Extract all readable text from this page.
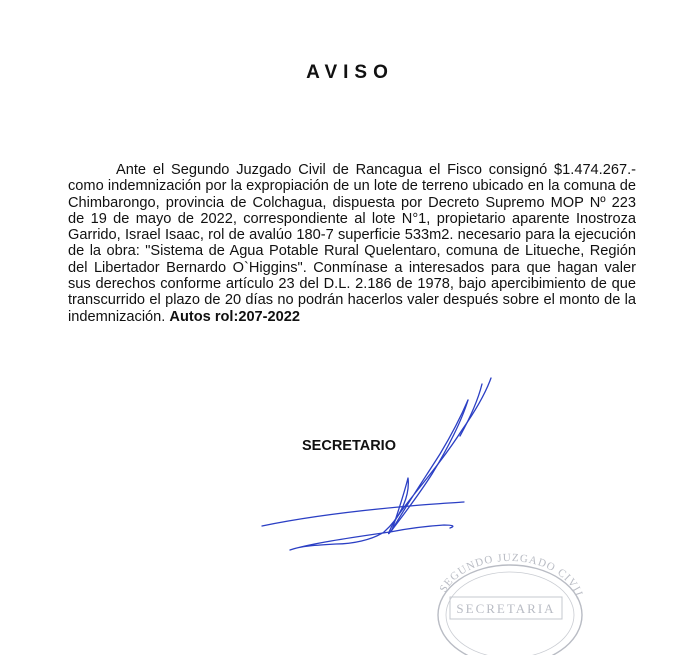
AVISO
Ante el Segundo Juzgado Civil de Rancagua el Fisco consignó $1.474.267.- como indemnización por la expropiación de un lote de terreno ubicado en la comuna de Chimbarongo, provincia de Colchagua, dispuesta por Decreto Supremo MOP Nº 223 de 19 de mayo de 2022, correspondiente al lote N°1, propietario aparente Inostroza Garrido, Israel Isaac, rol de avalúo 180-7 superficie 533m2. necesario para la ejecución de la obra: "Sistema de Agua Potable Rural Quelentaro, comuna de Litueche, Región del Libertador Bernardo O`Higgins". Conmínase a interesados para que hagan valer sus derechos conforme artículo 23 del D.L. 2.186 de 1978, bajo apercibimiento de que transcurrido el plazo de 20 días no podrán hacerlos valer después sobre el monto de la indemnización. Autos rol:207-2022
SECRETARIO
SEGUNDO JUZGADO CIVIL
SECRETARIA
